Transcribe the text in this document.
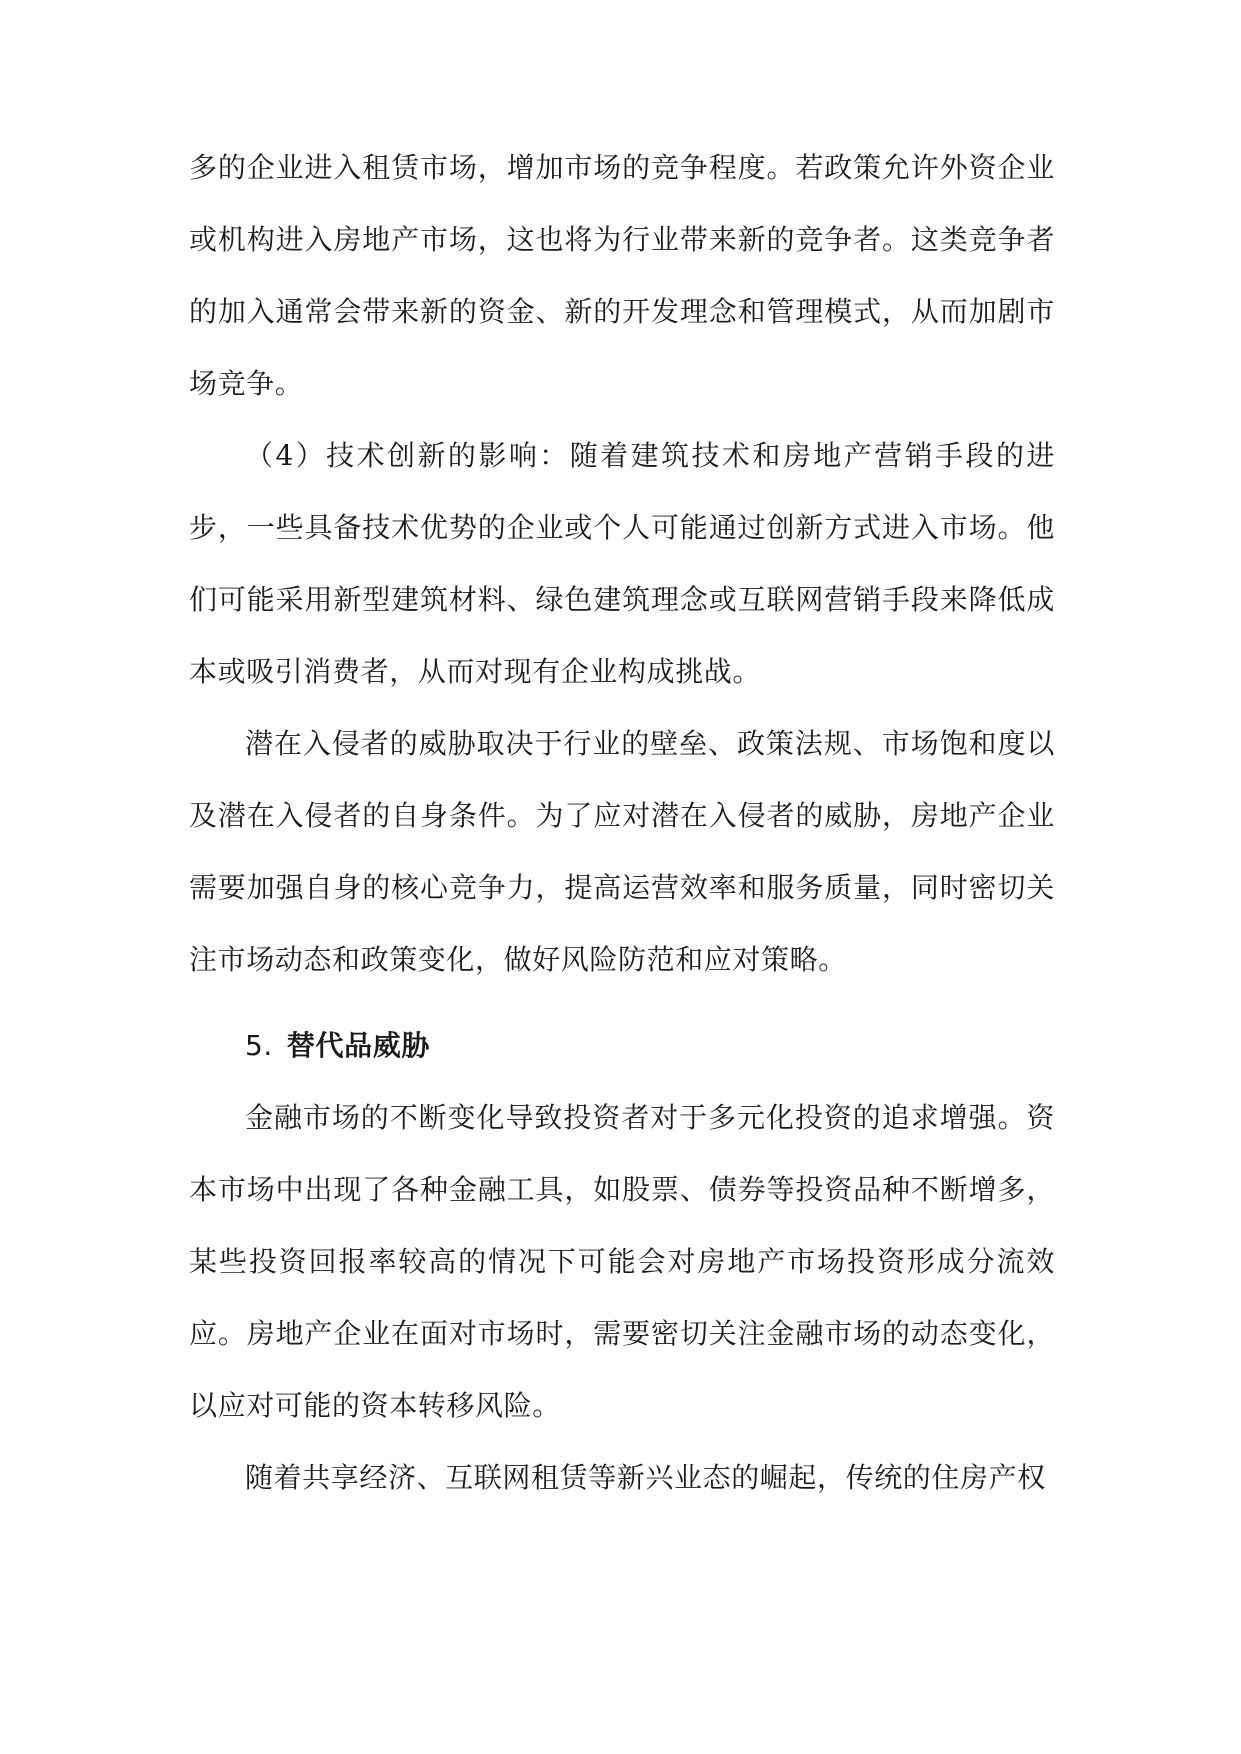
多的企业进入租赁市场，增加市场的竞争程度。若政策允许外资企业或机构进入房地产市场，这也将为行业带来新的竞争者。这类竞争者的加入通常会带来新的资金、新的开发理念和管理模式，从而加剧市场竞争。

（4）技术创新的影响：随着建筑技术和房地产营销手段的进步，一些具备技术优势的企业或个人可能通过创新方式进入市场。他们可能采用新型建筑材料、绿色建筑理念或互联网营销手段来降低成本或吸引消费者，从而对现有企业构成挑战。

潜在入侵者的威胁取决于行业的壁垒、政策法规、市场饱和度以及潜在入侵者的自身条件。为了应对潜在入侵者的威胁，房地产企业需要加强自身的核心竞争力，提高运营效率和服务质量，同时密切关注市场动态和政策变化，做好风险防范和应对策略。

5. 替代品威胁

金融市场的不断变化导致投资者对于多元化投资的追求增强。资本市场中出现了各种金融工具，如股票、债券等投资品种不断增多，某些投资回报率较高的情况下可能会对房地产市场投资形成分流效应。房地产企业在面对市场时，需要密切关注金融市场的动态变化，以应对可能的资本转移风险。

随着共享经济、互联网租赁等新兴业态的崛起，传统的住房产权
